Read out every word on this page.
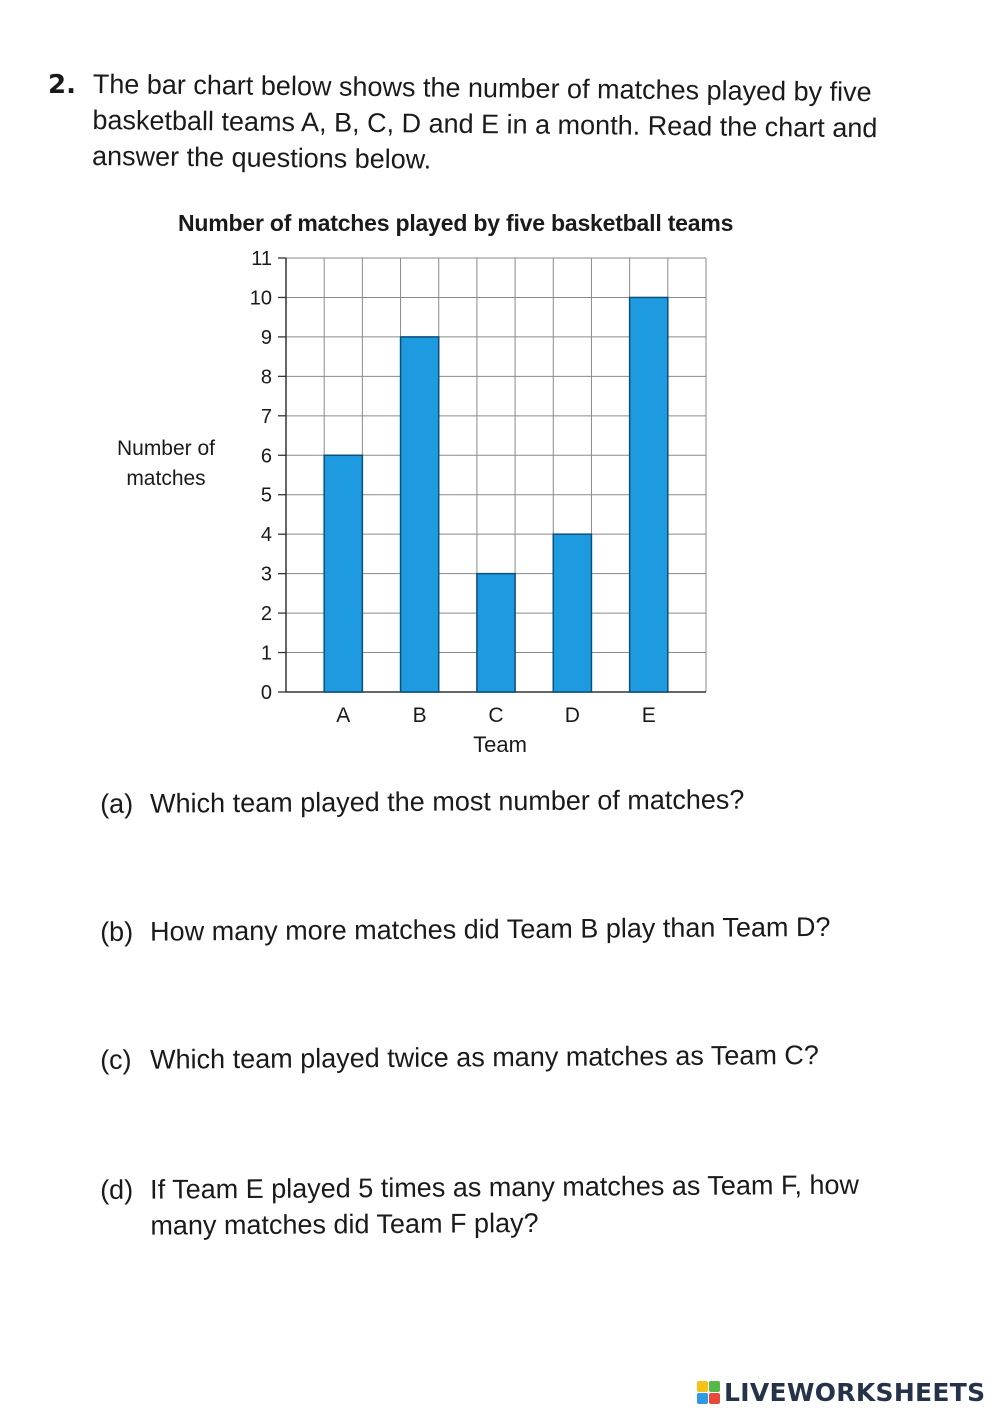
2. The bar chart below shows the number of matches played by five basketball teams A, B, C, D and E in a month. Read the chart and answer the questions below.

Number of matches played by five basketball teams
Number of matches
0
1
2
3
4
5
6
7
8
9
10
11
A	B	C	D	E
Team
(a) Which team played the most number of matches?
(b) How many more matches did Team B play than Team D?
(c) Which team played twice as many matches as Team C?
(d) If Team E played 5 times as many matches as Team F, how many matches did Team F play?
LIVEWORKSHEETS
